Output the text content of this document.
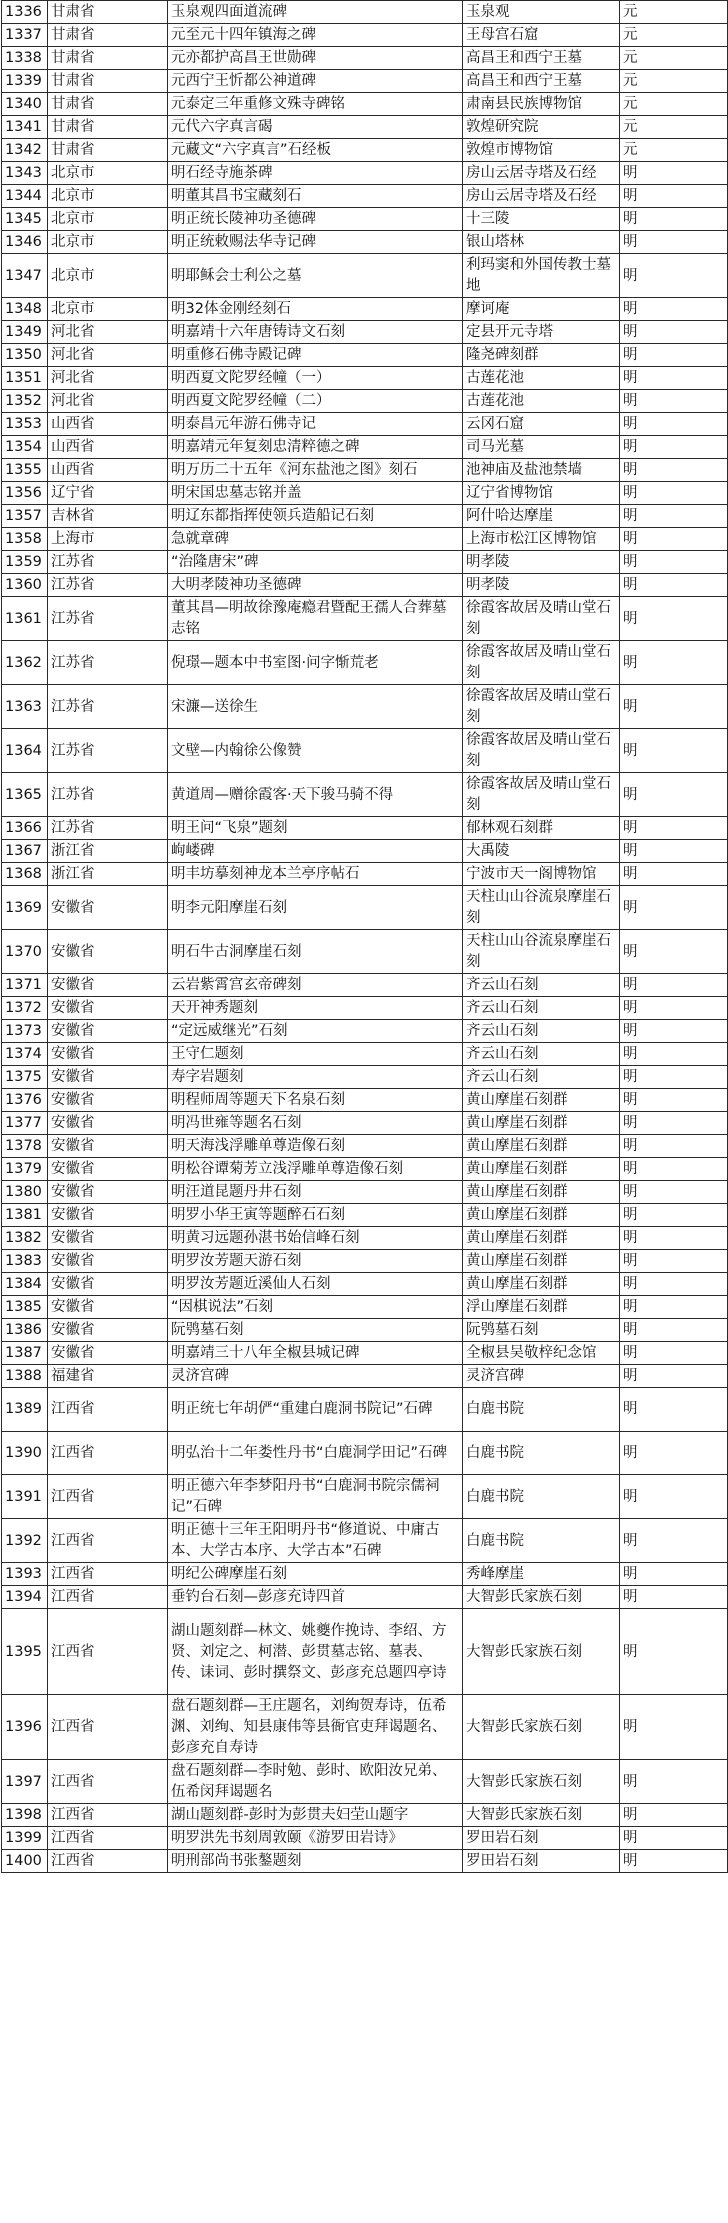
1336	甘肃省	玉泉观四面道流碑	玉泉观	元
1337	甘肃省	元至元十四年镇海之碑	王母宫石窟	元
1338	甘肃省	元亦都护高昌王世勋碑	高昌王和西宁王墓	元
1339	甘肃省	元西宁王忻都公神道碑	高昌王和西宁王墓	元
1340	甘肃省	元泰定三年重修文殊寺碑铭	肃南县民族博物馆	元
1341	甘肃省	元代六字真言碣	敦煌研究院	元
1342	甘肃省	元藏文“六字真言”石经板	敦煌市博物馆	元
1343	北京市	明石经寺施茶碑	房山云居寺塔及石经	明
1344	北京市	明董其昌书宝藏刻石	房山云居寺塔及石经	明
1345	北京市	明正统长陵神功圣德碑	十三陵	明
1346	北京市	明正统敕赐法华寺记碑	银山塔林	明
1347	北京市	明耶稣会士利公之墓	利玛窦和外国传教士墓地	明
1348	北京市	明32体金刚经刻石	摩诃庵	明
1349	河北省	明嘉靖十六年唐铸诗文石刻	定县开元寺塔	明
1350	河北省	明重修石佛寺殿记碑	隆尧碑刻群	明
1351	河北省	明西夏文陀罗经幢（一）	古莲花池	明
1352	河北省	明西夏文陀罗经幢（二）	古莲花池	明
1353	山西省	明泰昌元年游石佛寺记	云冈石窟	明
1354	山西省	明嘉靖元年复刻忠清粹德之碑	司马光墓	明
1355	山西省	明万历二十五年《河东盐池之图》刻石	池神庙及盐池禁墙	明
1356	辽宁省	明宋国忠墓志铭并盖	辽宁省博物馆	明
1357	吉林省	明辽东都指挥使领兵造船记石刻	阿什哈达摩崖	明
1358	上海市	急就章碑	上海市松江区博物馆	明
1359	江苏省	“治隆唐宋”碑	明孝陵	明
1360	江苏省	大明孝陵神功圣德碑	明孝陵	明
1361	江苏省	董其昌—明故徐豫庵瘾君暨配王孺人合葬墓志铭	徐霞客故居及晴山堂石刻	明
1362	江苏省	倪璟—题本中书室图·问字惭荒老	徐霞客故居及晴山堂石刻	明
1363	江苏省	宋濂—送徐生	徐霞客故居及晴山堂石刻	明
1364	江苏省	文壁—内翰徐公像赞	徐霞客故居及晴山堂石刻	明
1365	江苏省	黄道周—赠徐霞客·天下骏马骑不得	徐霞客故居及晴山堂石刻	明
1366	江苏省	明王问“飞泉”题刻	郁林观石刻群	明
1367	浙江省	岣嵝碑	大禹陵	明
1368	浙江省	明丰坊摹刻神龙本兰亭序帖石	宁波市天一阁博物馆	明
1369	安徽省	明李元阳摩崖石刻	天柱山山谷流泉摩崖石刻	明
1370	安徽省	明石牛古洞摩崖石刻	天柱山山谷流泉摩崖石刻	明
1371	安徽省	云岩紫霄宫玄帝碑刻	齐云山石刻	明
1372	安徽省	天开神秀题刻	齐云山石刻	明
1373	安徽省	“定远威继光”石刻	齐云山石刻	明
1374	安徽省	王守仁题刻	齐云山石刻	明
1375	安徽省	寿字岩题刻	齐云山石刻	明
1376	安徽省	明程师周等题天下名泉石刻	黄山摩崖石刻群	明
1377	安徽省	明冯世雍等题名石刻	黄山摩崖石刻群	明
1378	安徽省	明天海浅浮雕单尊造像石刻	黄山摩崖石刻群	明
1379	安徽省	明松谷谭菊芳立浅浮雕单尊造像石刻	黄山摩崖石刻群	明
1380	安徽省	明汪道昆题丹井石刻	黄山摩崖石刻群	明
1381	安徽省	明罗小华王寅等题醉石石刻	黄山摩崖石刻群	明
1382	安徽省	明黄习远题孙湛书始信峰石刻	黄山摩崖石刻群	明
1383	安徽省	明罗汝芳题天游石刻	黄山摩崖石刻群	明
1384	安徽省	明罗汝芳题近溪仙人石刻	黄山摩崖石刻群	明
1385	安徽省	“因棋说法”石刻	浮山摩崖石刻群	明
1386	安徽省	阮鸮墓石刻	阮鸮墓石刻	明
1387	安徽省	明嘉靖三十八年全椒县城记碑	全椒县吴敬梓纪念馆	明
1388	福建省	灵济宫碑	灵济宫碑	明
1389	江西省	明正统七年胡俨“重建白鹿洞书院记”石碑	白鹿书院	明
1390	江西省	明弘治十二年娄性丹书“白鹿洞学田记”石碑	白鹿书院	明
1391	江西省	明正德六年李梦阳丹书“白鹿洞书院宗儒祠记”石碑	白鹿书院	明
1392	江西省	明正德十三年王阳明丹书“修道说、中庸古本、大学古本序、大学古本”石碑	白鹿书院	明
1393	江西省	明纪公碑摩崖石刻	秀峰摩崖	明
1394	江西省	垂钓台石刻—彭彦充诗四首	大智彭氏家族石刻	明
1395	江西省	湖山题刻群—林文、姚夔作挽诗、李绍、方贤、刘定之、柯潜、彭贯墓志铭、墓表、传、诔词、彭时撰祭文、彭彦充总题四亭诗	大智彭氏家族石刻	明
1396	江西省	盘石题刻群—王庄题名，刘绚贺寿诗，伍希渊、刘绚、知县康伟等县衙官吏拜谒题名、彭彦充自寿诗	大智彭氏家族石刻	明
1397	江西省	盘石题刻群—李时勉、彭时、欧阳汝兄弟、伍希闵拜谒题名	大智彭氏家族石刻	明
1398	江西省	湖山题刻群-彭时为彭贯夫妇茔山题字	大智彭氏家族石刻	明
1399	江西省	明罗洪先书刻周敦颐《游罗田岩诗》	罗田岩石刻	明
1400	江西省	明刑部尚书张鏊题刻	罗田岩石刻	明
